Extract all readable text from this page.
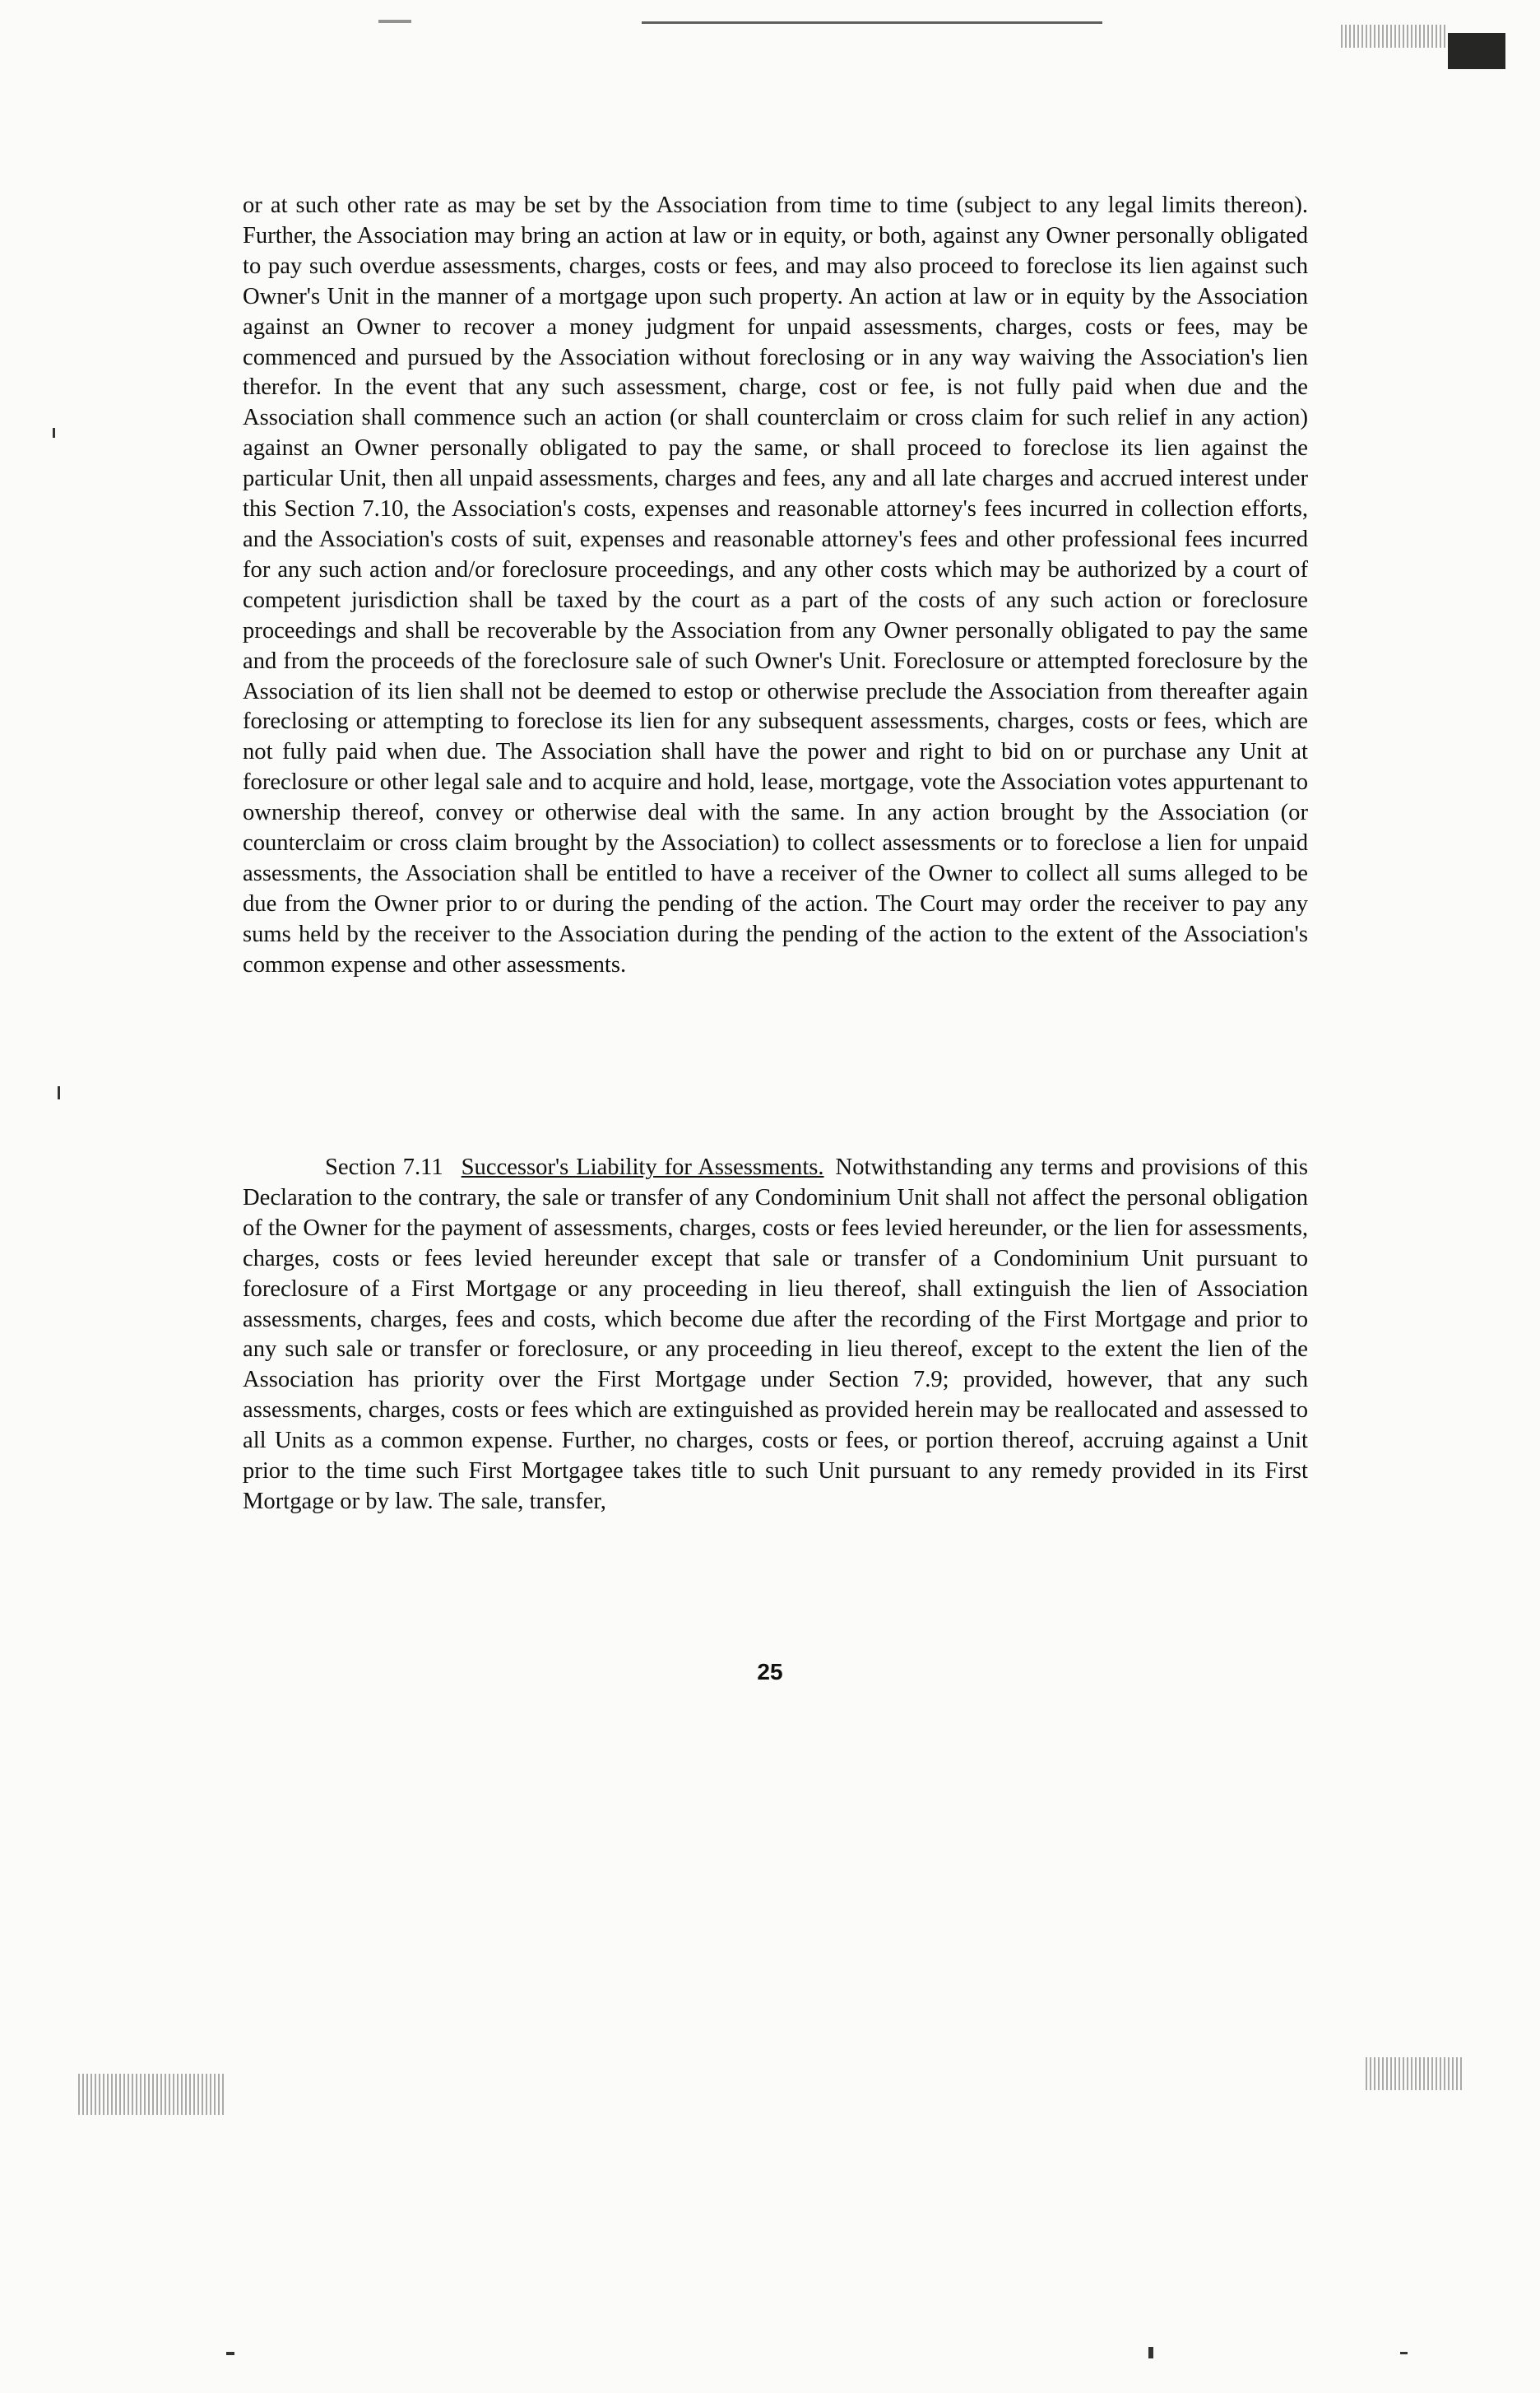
or at such other rate as may be set by the Association from time to time (subject to any legal limits thereon). Further, the Association may bring an action at law or in equity, or both, against any Owner personally obligated to pay such overdue assessments, charges, costs or fees, and may also proceed to foreclose its lien against such Owner's Unit in the manner of a mortgage upon such property. An action at law or in equity by the Association against an Owner to recover a money judgment for unpaid assessments, charges, costs or fees, may be commenced and pursued by the Association without foreclosing or in any way waiving the Association's lien therefor. In the event that any such assessment, charge, cost or fee, is not fully paid when due and the Association shall commence such an action (or shall counterclaim or cross claim for such relief in any action) against an Owner personally obligated to pay the same, or shall proceed to foreclose its lien against the particular Unit, then all unpaid assessments, charges and fees, any and all late charges and accrued interest under this Section 7.10, the Association's costs, expenses and reasonable attorney's fees incurred in collection efforts, and the Association's costs of suit, expenses and reasonable attorney's fees and other professional fees incurred for any such action and/or foreclosure proceedings, and any other costs which may be authorized by a court of competent jurisdiction shall be taxed by the court as a part of the costs of any such action or foreclosure proceedings and shall be recoverable by the Association from any Owner personally obligated to pay the same and from the proceeds of the foreclosure sale of such Owner's Unit. Foreclosure or attempted foreclosure by the Association of its lien shall not be deemed to estop or otherwise preclude the Association from thereafter again foreclosing or attempting to foreclose its lien for any subsequent assessments, charges, costs or fees, which are not fully paid when due. The Association shall have the power and right to bid on or purchase any Unit at foreclosure or other legal sale and to acquire and hold, lease, mortgage, vote the Association votes appurtenant to ownership thereof, convey or otherwise deal with the same. In any action brought by the Association (or counterclaim or cross claim brought by the Association) to collect assessments or to foreclose a lien for unpaid assessments, the Association shall be entitled to have a receiver of the Owner to collect all sums alleged to be due from the Owner prior to or during the pending of the action. The Court may order the receiver to pay any sums held by the receiver to the Association during the pending of the action to the extent of the Association's common expense and other assessments.
Section 7.11 Successor's Liability for Assessments. Notwithstanding any terms and provisions of this Declaration to the contrary, the sale or transfer of any Condominium Unit shall not affect the personal obligation of the Owner for the payment of assessments, charges, costs or fees levied hereunder, or the lien for assessments, charges, costs or fees levied hereunder except that sale or transfer of a Condominium Unit pursuant to foreclosure of a First Mortgage or any proceeding in lieu thereof, shall extinguish the lien of Association assessments, charges, fees and costs, which become due after the recording of the First Mortgage and prior to any such sale or transfer or foreclosure, or any proceeding in lieu thereof, except to the extent the lien of the Association has priority over the First Mortgage under Section 7.9; provided, however, that any such assessments, charges, costs or fees which are extinguished as provided herein may be reallocated and assessed to all Units as a common expense. Further, no charges, costs or fees, or portion thereof, accruing against a Unit prior to the time such First Mortgagee takes title to such Unit pursuant to any remedy provided in its First Mortgage or by law. The sale, transfer,
25
